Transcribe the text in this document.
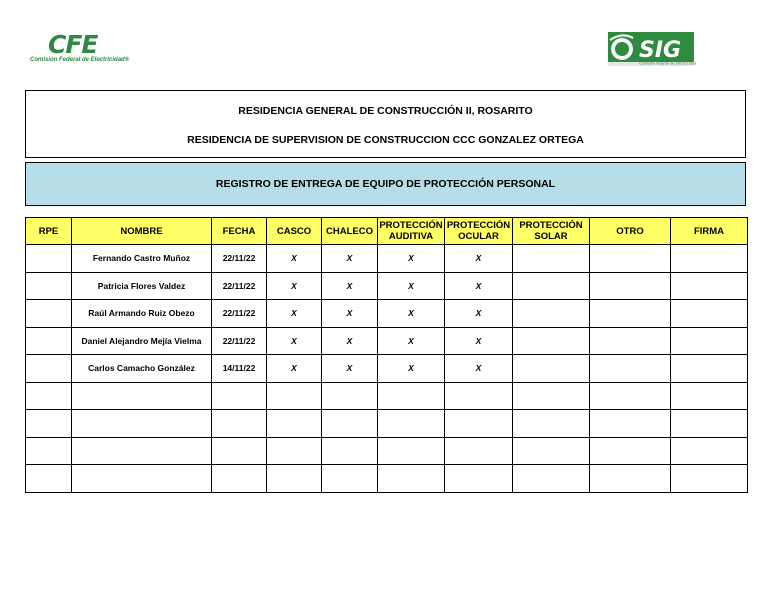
CFE
Comisión Federal de Electricidad®	SIG
Comisión Federal de Electricidad
RESIDENCIA GENERAL DE CONSTRUCCIÓN II, ROSARITO
RESIDENCIA DE SUPERVISION DE CONSTRUCCION CCC GONZALEZ ORTEGA
REGISTRO DE ENTREGA DE EQUIPO DE PROTECCIÓN PERSONAL
RPE	NOMBRE	FECHA	CASCO	CHALECO	PROTECCIÓN AUDITIVA	PROTECCIÓN OCULAR	PROTECCIÓN SOLAR	OTRO	FIRMA
	Fernando Castro Muñoz	22/11/22	X	X	X	X			
	Patricia Flores Valdez	22/11/22	X	X	X	X			
	Raúl Armando Ruiz Obezo	22/11/22	X	X	X	X			
	Daniel Alejandro Mejía Vielma	22/11/22	X	X	X	X			
	Carlos Camacho González	14/11/22	X	X	X	X			
